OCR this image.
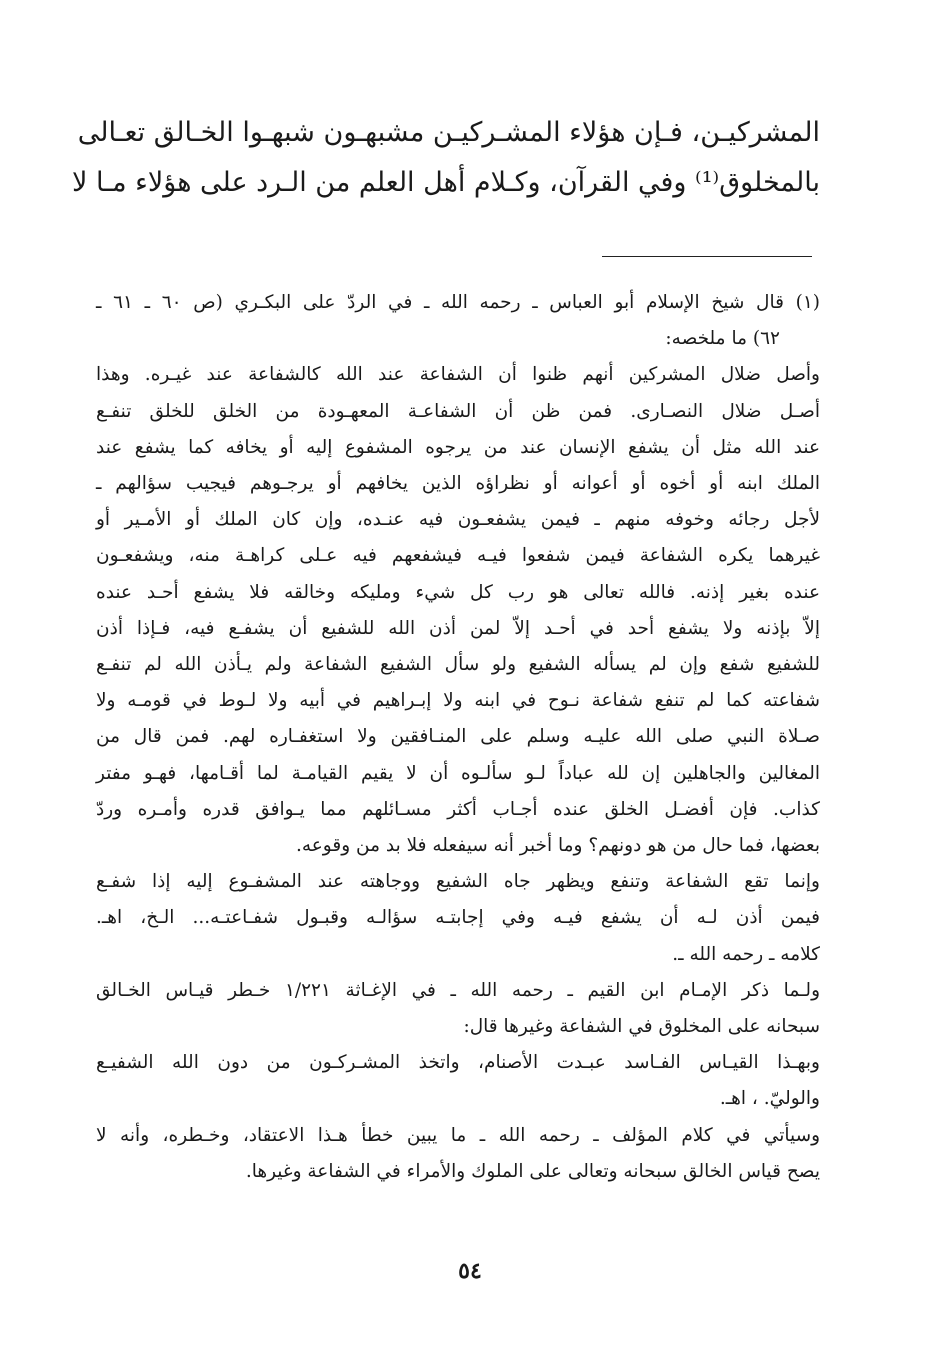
المشركيـن، فـإن هؤلاء المشـركيـن مشبهـون شبهـوا الخـالق تعـالى
بالمخلوق⁽¹⁾ وفي القرآن، وكـلام أهل العلم من الـرد على هؤلاء مـا لا
(١) قال شيخ الإسلام أبو العباس ـ رحمه الله ـ في الردّ على البكـري (ص ٦٠ ـ ٦١ ـ
٦٢) ما ملخصه:
وأصل ضلال المشركين أنهم ظنوا أن الشفاعة عند الله كالشفاعة عند غيـره. وهذا
أصـل ضلال النصـارى. فمن ظن أن الشفاعـة المعهـودة من الخلق للخلق تنفـع
عند الله مثل أن يشفع الإنسان عند من يرجوه المشفوع إليه أو يخافه كما يشفع عند
الملك ابنه أو أخوه أو أعوانه أو نظراؤه الذين يخافهم أو يرجـوهم فيجيب سؤالهم ـ
لأجل رجائه وخوفه منهم ـ فيمن يشفعـون فيه عنـده، وإن كان الملك أو الأمـير أو
غيرهما يكره الشفاعة فيمن شفعوا فيـه فيشفعهم فيه عـلى كراهـة منه، ويشفعـون
عنده بغير إذنه. فالله تعالى هو رب كل شيء ومليكه وخالقه فلا يشفع أحـد عنده
إلاّ بإذنه ولا يشفع أحد في أحـد إلاّ لمن أذن الله للشفيع أن يشفـع فيه، فـإذا أذن
للشفيع شفع وإن لم يسأله الشفيع ولو سأل الشفيع الشفاعة ولم يـأذن الله لم تنفـع
شفاعته كما لم تنفع شفاعة نـوح في ابنه ولا إبـراهيم في أبيه ولا لـوط في قومـه ولا
صـلاة النبي صلى الله عليـه وسلم على المنـافقين ولا استغفـاره لهم. فمن قال من
المغالين والجاهلين إن لله عباداً لـو سألـوه أن لا يقيم القيامـة لما أقـامها، فهـو مفتر
كذاب. فإن أفضـل الخلق عنده أجـاب أكثر مسـائلهم مما يـوافق قدره وأمـره وردّ
بعضها، فما حال من هو دونهم؟ وما أخبر أنه سيفعله فلا بد من وقوعه.
وإنما تقع الشفاعة وتنفع ويظهر جاه الشفيع ووجاهته عند المشفـوع إليه إذا شفـع
فيمن أذن لـه أن يشفع فيـه وفي إجابتـه سؤالـه وقبـول شفـاعتـه... الـخ، اهـ.
كلامه ـ رحمه الله ـ.
ولـما ذكر الإمـام ابن القيم ـ رحمه الله ـ في الإغـاثة ١/٢٢١ خـطر قيـاس الخـالق
سبحانه على المخلوق في الشفاعة وغيرها قال:
وبهـذا القيـاس الفـاسد عبـدت الأصنام، واتخذ المشـركـون من دون الله الشفيـع
والوليّ. ، اهـ.
وسيأتي في كلام المؤلف ـ رحمه الله ـ ما يبين خطأ هـذا الاعتقاد، وخـطره، وأنه لا
يصح قياس الخالق سبحانه وتعالى على الملوك والأمراء في الشفاعة وغيرها.
٥٤
